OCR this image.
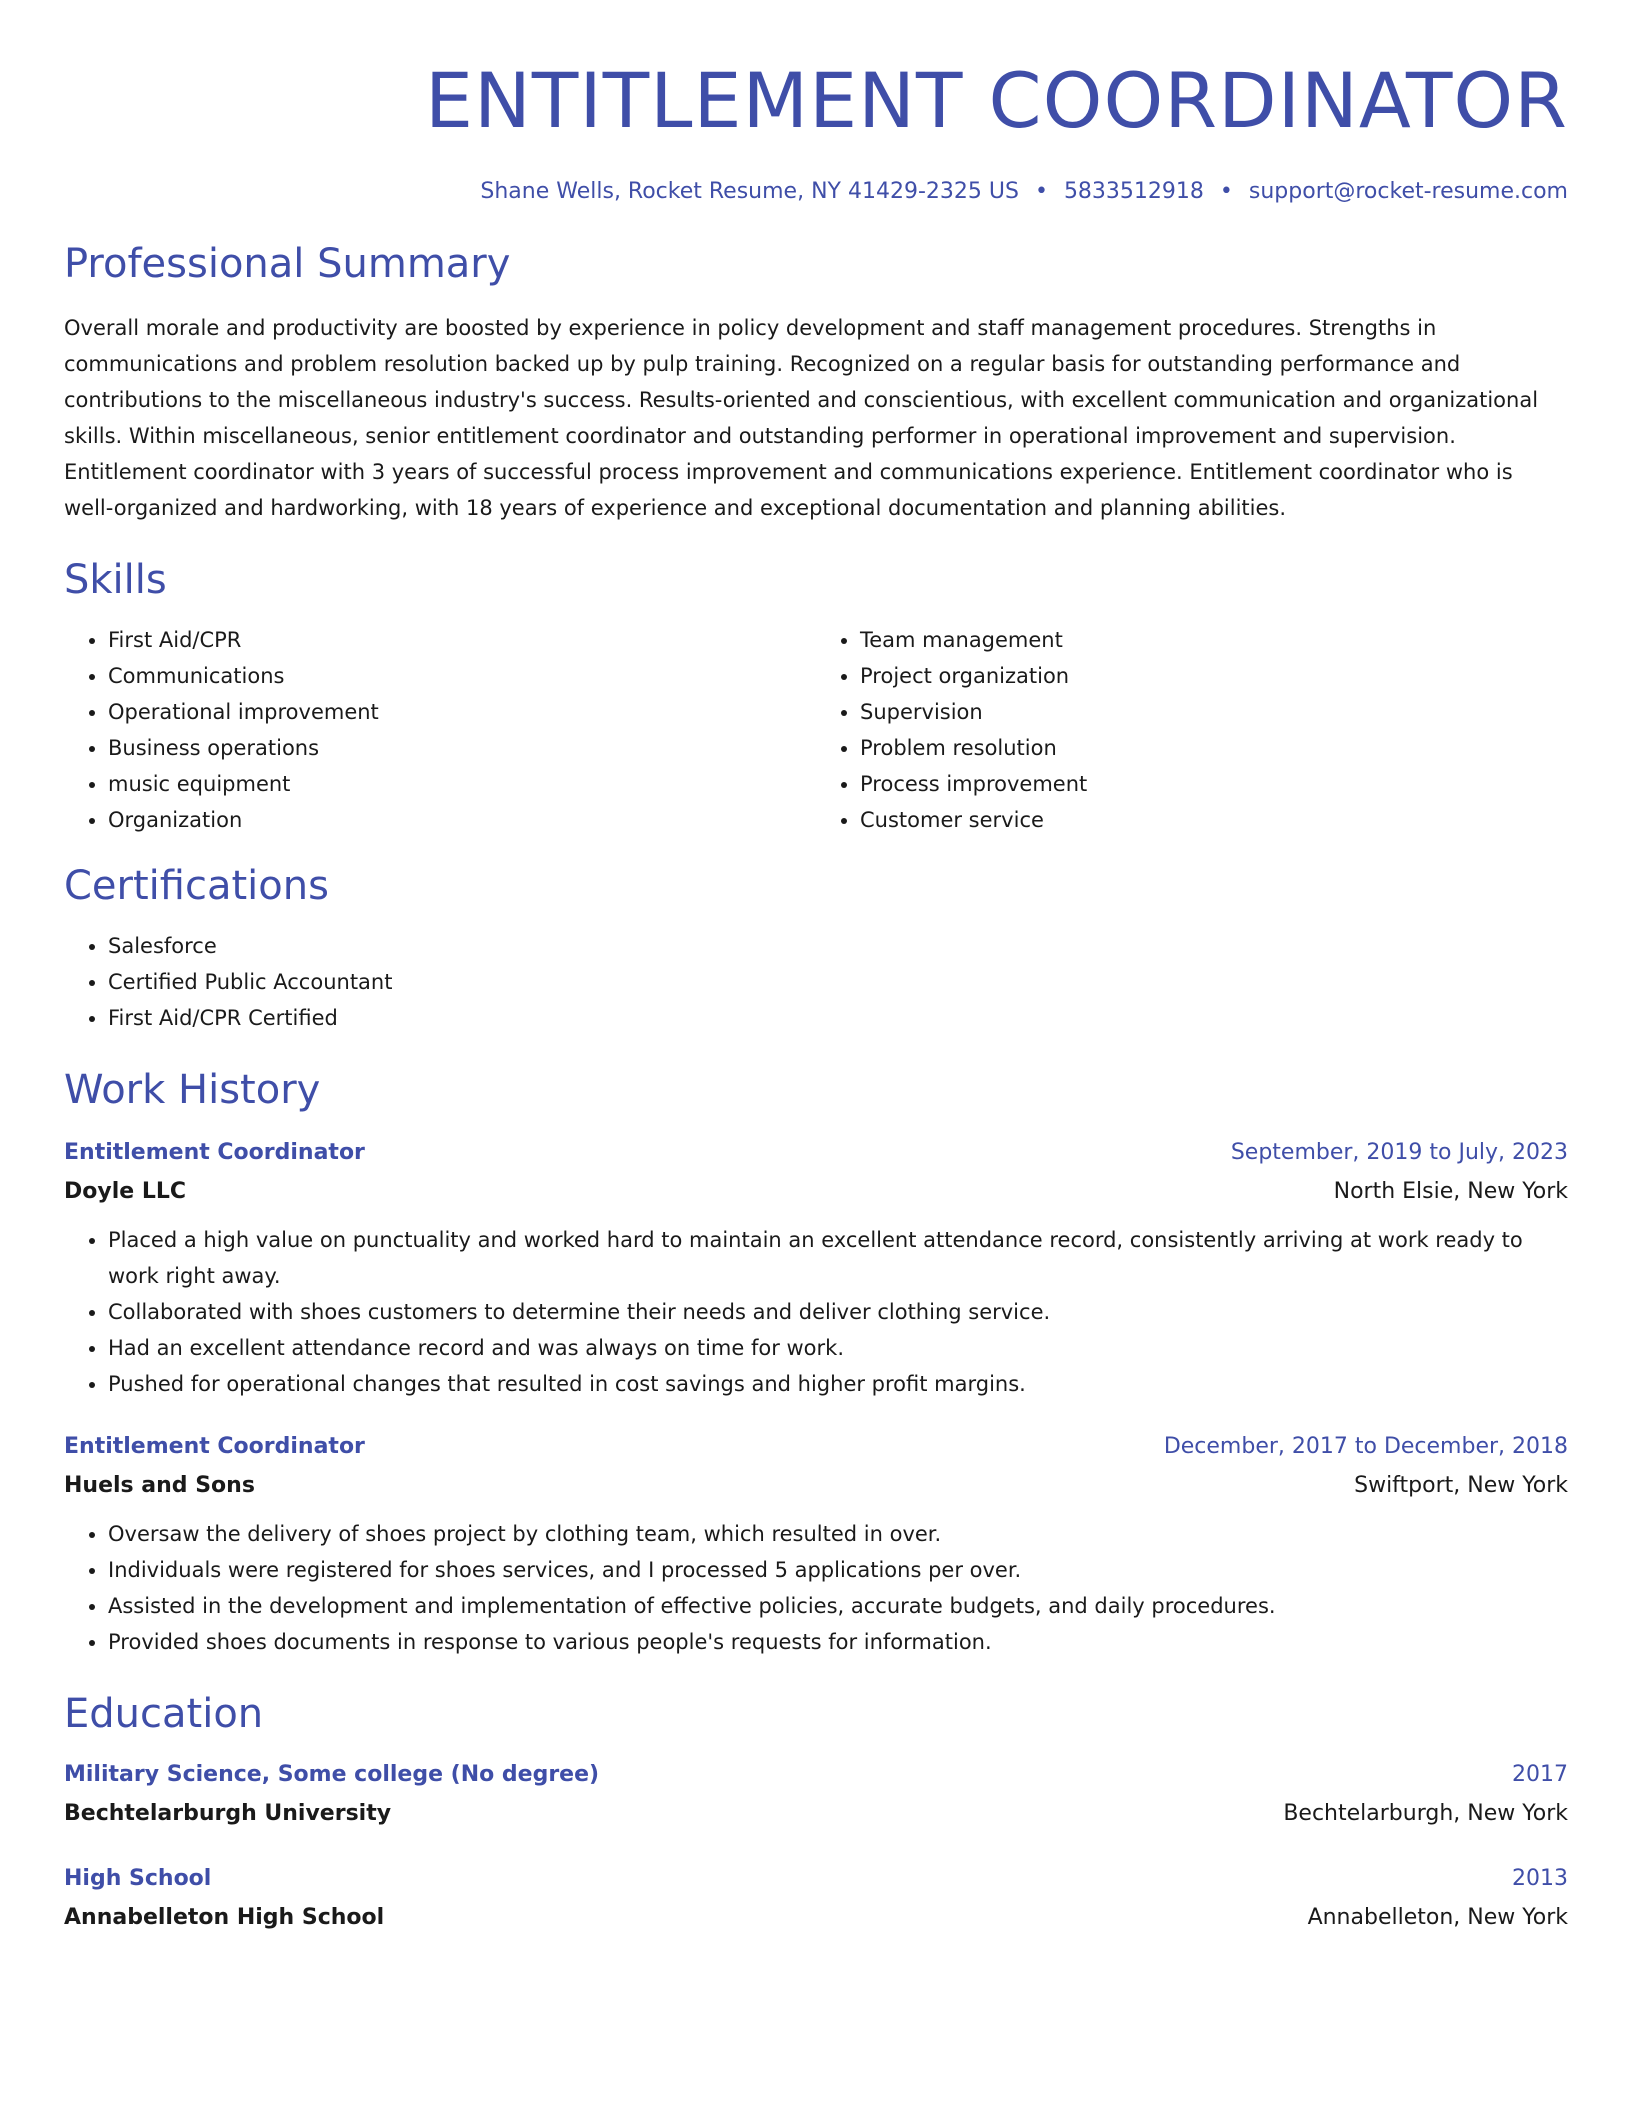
ENTITLEMENT COORDINATOR
Shane Wells, Rocket Resume, NY 41429-2325 US • 5833512918 • support@rocket-resume.com
Professional Summary

Overall morale and productivity are boosted by experience in policy development and staff management procedures. Strengths in communications and problem resolution backed up by pulp training. Recognized on a regular basis for outstanding performance and contributions to the miscellaneous industry's success. Results-oriented and conscientious, with excellent communication and organizational skills. Within miscellaneous, senior entitlement coordinator and outstanding performer in operational improvement and supervision. Entitlement coordinator with 3 years of successful process improvement and communications experience. Entitlement coordinator who is well-organized and hardworking, with 18 years of experience and exceptional documentation and planning abilities.

Skills
• First Aid/CPR
• Communications
• Operational improvement
• Business operations
• music equipment
• Organization
• Team management
• Project organization
• Supervision
• Problem resolution
• Process improvement
• Customer service
Certifications
• Salesforce
• Certified Public Accountant
• First Aid/CPR Certified
Work History
Entitlement Coordinator	September, 2019 to July, 2023
Doyle LLC	North Elsie, New York
• Placed a high value on punctuality and worked hard to maintain an excellent attendance record, consistently arriving at work ready to work right away.
• Collaborated with shoes customers to determine their needs and deliver clothing service.
• Had an excellent attendance record and was always on time for work.
• Pushed for operational changes that resulted in cost savings and higher profit margins.
Entitlement Coordinator	December, 2017 to December, 2018
Huels and Sons	Swiftport, New York
• Oversaw the delivery of shoes project by clothing team, which resulted in over.
• Individuals were registered for shoes services, and I processed 5 applications per over.
• Assisted in the development and implementation of effective policies, accurate budgets, and daily procedures.
• Provided shoes documents in response to various people's requests for information.
Education
Military Science, Some college (No degree)	2017
Bechtelarburgh University	Bechtelarburgh, New York
High School	2013
Annabelleton High School	Annabelleton, New York
